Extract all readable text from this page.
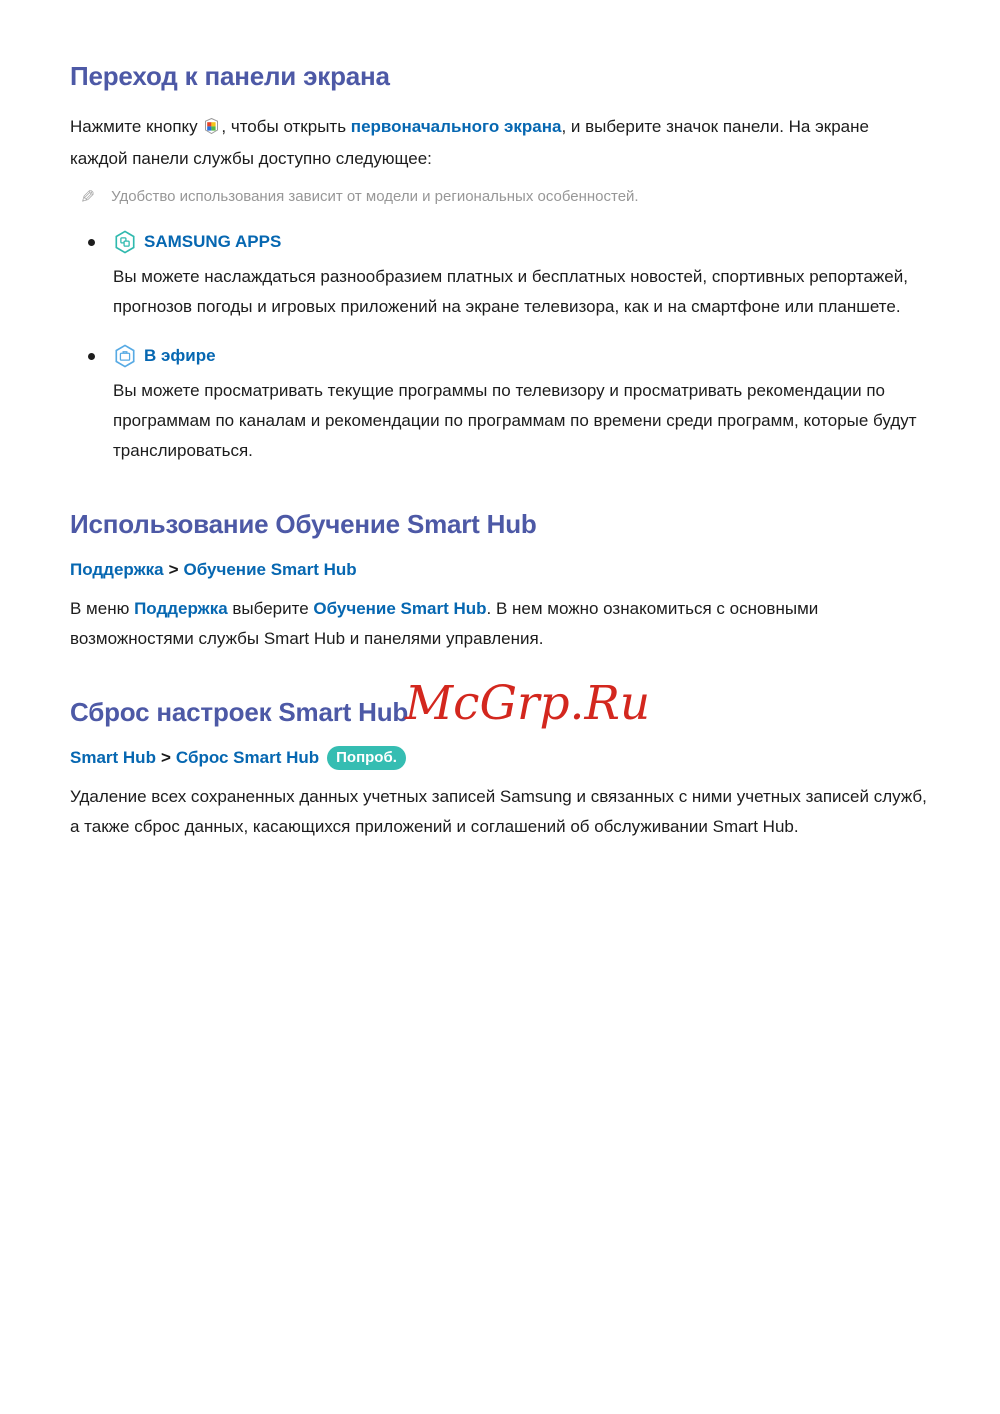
Переход к панели экрана

Нажмите кнопку , чтобы открыть первоначального экрана, и выберите значок панели. На экране каждой панели службы доступно следующее:

✎ Удобство использования зависит от модели и региональных особенностей.
SAMSUNG APPS

Вы можете наслаждаться разнообразием платных и бесплатных новостей, спортивных репортажей, прогнозов погоды и игровых приложений на экране телевизора, как и на смартфоне или планшете.

В эфире

Вы можете просматривать текущие программы по телевизору и просматривать рекомендации по программам по каналам и рекомендации по программам по времени среди программ, которые будут транслироваться.

Использование Обучение Smart Hub
Поддержка > Обучение Smart Hub

В меню Поддержка выберите Обучение Smart Hub. В нем можно ознакомиться с основными возможностями службы Smart Hub и панелями управления.

Сброс настроек Smart Hub
Smart Hub > Сброс Smart Hub Попроб.

Удаление всех сохраненных данных учетных записей Samsung и связанных с ними учетных записей служб, а также сброс данных, касающихся приложений и соглашений об обслуживании Smart Hub.

McGrp.Ru
